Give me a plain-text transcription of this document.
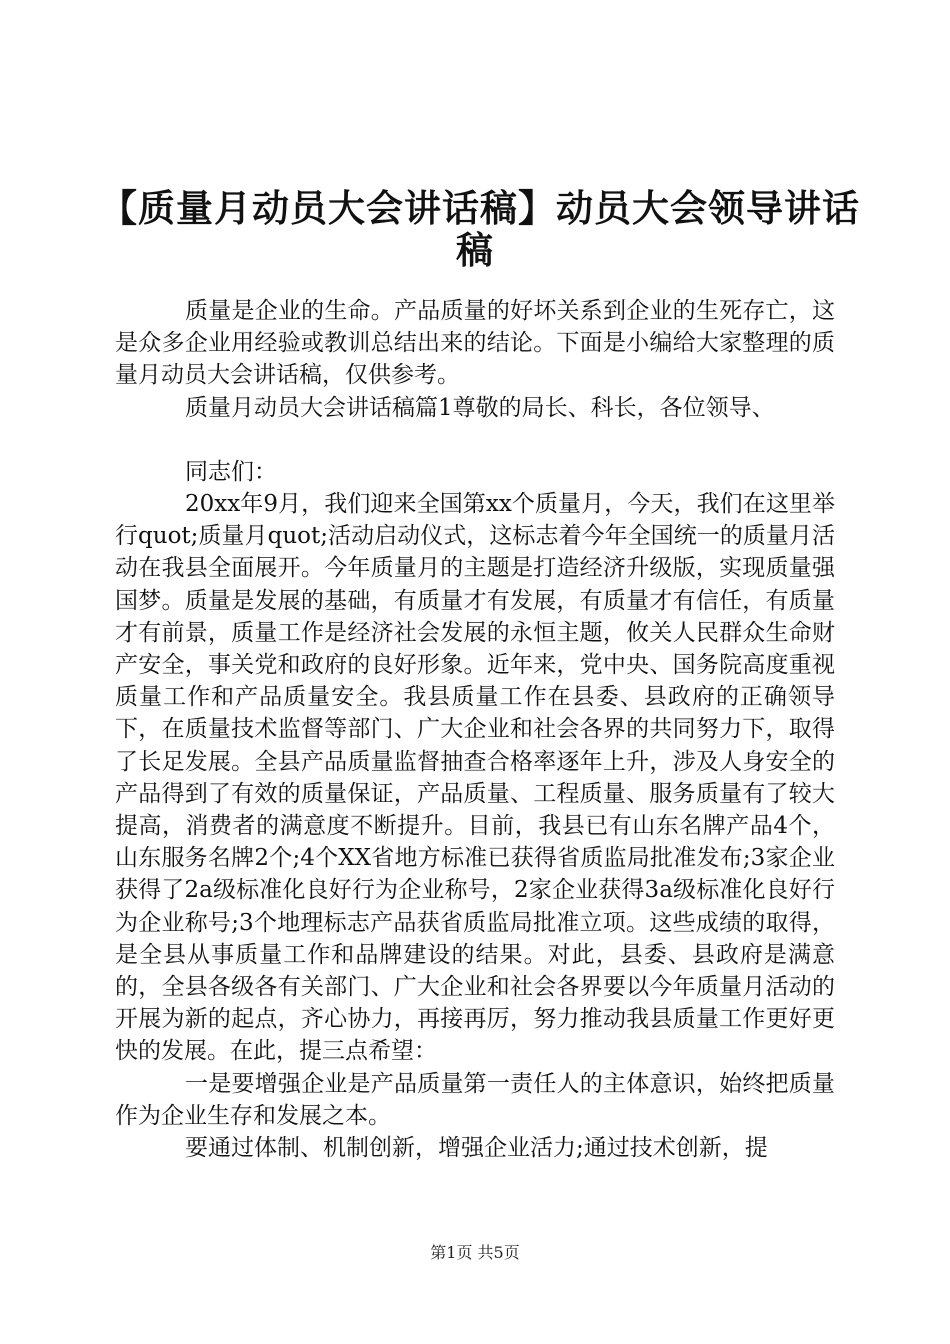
【质量月动员大会讲话稿】动员大会领导讲话
稿

质量是企业的生命。产品质量的好坏关系到企业的生死存亡，这是众多企业用经验或教训总结出来的结论。下面是小编给大家整理的质量月动员大会讲话稿，仅供参考。

质量月动员大会讲话稿篇1尊敬的局长、科长，各位领导、

同志们：

20xx年9月，我们迎来全国第xx个质量月，今天，我们在这里举行quot;质量月quot;活动启动仪式，这标志着今年全国统一的质量月活动在我县全面展开。今年质量月的主题是打造经济升级版，实现质量强国梦。质量是发展的基础，有质量才有发展，有质量才有信任，有质量才有前景，质量工作是经济社会发展的永恒主题，攸关人民群众生命财产安全，事关党和政府的良好形象。近年来，党中央、国务院高度重视质量工作和产品质量安全。我县质量工作在县委、县政府的正确领导下，在质量技术监督等部门、广大企业和社会各界的共同努力下，取得了长足发展。全县产品质量监督抽查合格率逐年上升，涉及人身安全的产品得到了有效的质量保证，产品质量、工程质量、服务质量有了较大提高，消费者的满意度不断提升。目前，我县已有山东名牌产品4个，山东服务名牌2个;4个XX省地方标准已获得省质监局批准发布;3家企业获得了2a级标准化良好行为企业称号，2家企业获得3a级标准化良好行为企业称号;3个地理标志产品获省质监局批准立项。这些成绩的取得，是全县从事质量工作和品牌建设的结果。对此，县委、县政府是满意的，全县各级各有关部门、广大企业和社会各界要以今年质量月活动的开展为新的起点，齐心协力，再接再厉，努力推动我县质量工作更好更快的发展。在此，提三点希望：

一是要增强企业是产品质量第一责任人的主体意识，始终把质量作为企业生存和发展之本。

要通过体制、机制创新，增强企业活力;通过技术创新，提

第1页 共5页
